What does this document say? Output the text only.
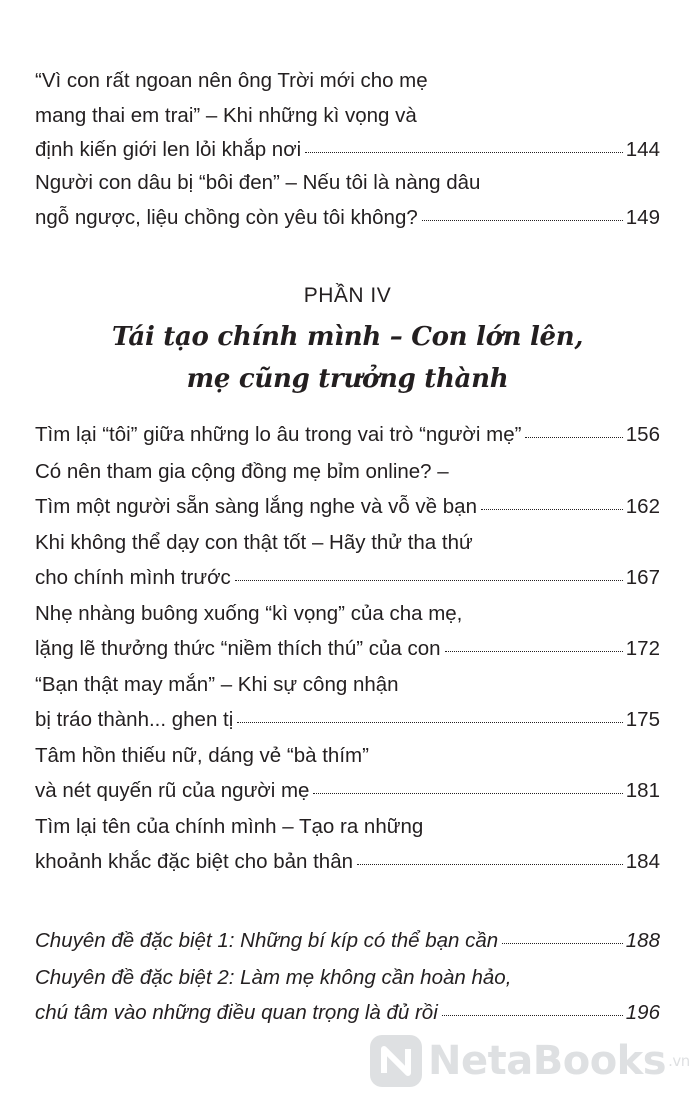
“Vì con rất ngoan nên ông Trời mới cho mẹ
mang thai em trai” – Khi những kì vọng và
định kiến giới len lỏi khắp nơi	144
Người con dâu bị “bôi đen” – Nếu tôi là nàng dâu
ngỗ ngược, liệu chồng còn yêu tôi không?	149
PHẦN IV
Tái tạo chính mình – Con lớn lên,
mẹ cũng trưởng thành
Tìm lại “tôi” giữa những lo âu trong vai trò “người mẹ”	156
Có nên tham gia cộng đồng mẹ bỉm online? –
Tìm một người sẵn sàng lắng nghe và vỗ về bạn	162
Khi không thể dạy con thật tốt – Hãy thử tha thứ
cho chính mình trước	167
Nhẹ nhàng buông xuống “kì vọng” của cha mẹ,
lặng lẽ thưởng thức “niềm thích thú” của con	172
“Bạn thật may mắn” – Khi sự công nhận
bị tráo thành... ghen tị	175
Tâm hồn thiếu nữ, dáng vẻ “bà thím”
và nét quyến rũ của người mẹ	181
Tìm lại tên của chính mình – Tạo ra những
khoảnh khắc đặc biệt cho bản thân	184
Chuyên đề đặc biệt 1: Những bí kíp có thể bạn cần	188
Chuyên đề đặc biệt 2: Làm mẹ không cần hoàn hảo,
chú tâm vào những điều quan trọng là đủ rồi	196
NetaBooks .vn
